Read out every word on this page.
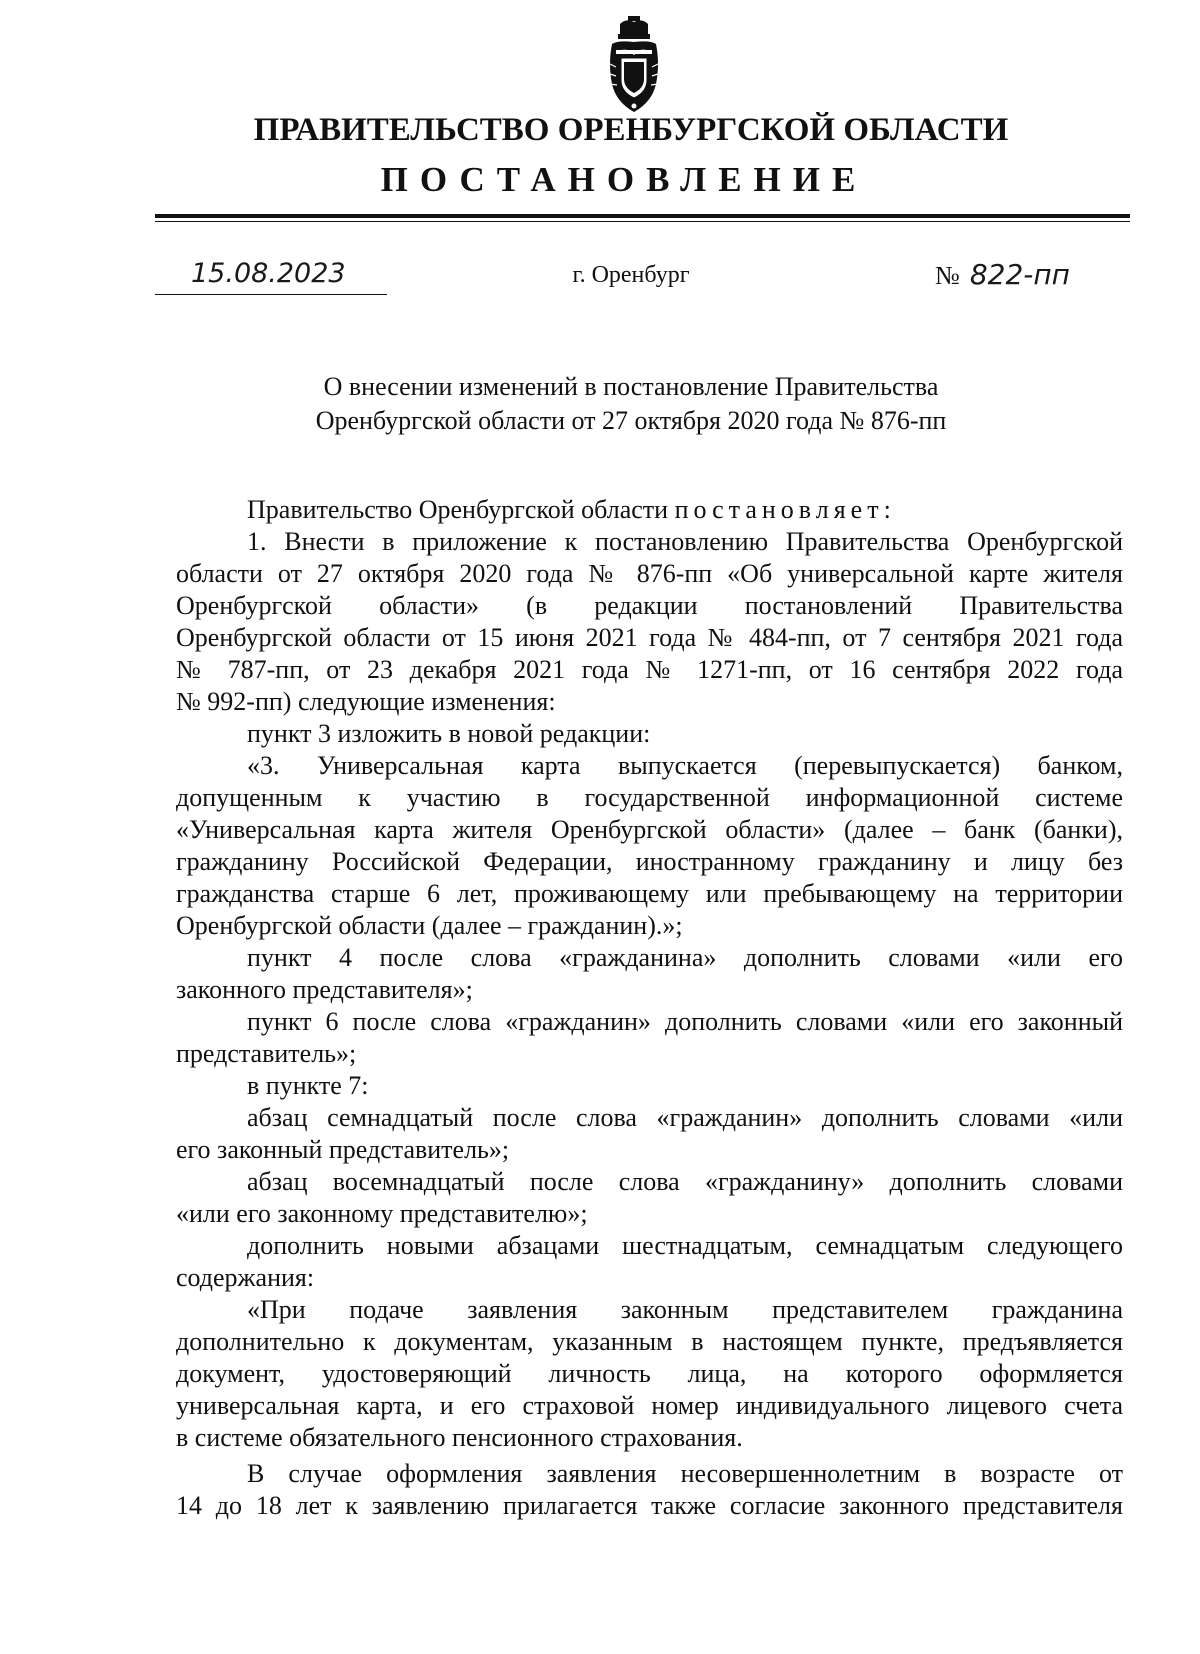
ПРАВИТЕЛЬСТВО ОРЕНБУРГСКОЙ ОБЛАСТИ
ПОСТАНОВЛЕНИЕ
15.08.2023	г. Оренбург	№ 822-пп
О внесении изменений в постановление Правительства
Оренбургской области от 27 октября 2020 года № 876-пп
Правительство Оренбургской области постановляет:
1. Внести в приложение к постановлению Правительства Оренбургской
области от 27 октября 2020 года № 876-пп «Об универсальной карте жителя
Оренбургской области» (в редакции постановлений Правительства
Оренбургской области от 15 июня 2021 года № 484-пп, от 7 сентября 2021 года
№ 787-пп, от 23 декабря 2021 года № 1271-пп, от 16 сентября 2022 года
№ 992-пп) следующие изменения:
пункт 3 изложить в новой редакции:
«3. Универсальная карта выпускается (перевыпускается) банком,
допущенным к участию в государственной информационной системе
«Универсальная карта жителя Оренбургской области» (далее – банк (банки),
гражданину Российской Федерации, иностранному гражданину и лицу без
гражданства старше 6 лет, проживающему или пребывающему на территории
Оренбургской области (далее – гражданин).»;
пункт 4 после слова «гражданина» дополнить словами «или его
законного представителя»;
пункт 6 после слова «гражданин» дополнить словами «или его законный
представитель»;
в пункте 7:
абзац семнадцатый после слова «гражданин» дополнить словами «или
его законный представитель»;
абзац восемнадцатый после слова «гражданину» дополнить словами
«или его законному представителю»;
дополнить новыми абзацами шестнадцатым, семнадцатым следующего
содержания:
«При подаче заявления законным представителем гражданина
дополнительно к документам, указанным в настоящем пункте, предъявляется
документ, удостоверяющий личность лица, на которого оформляется
универсальная карта, и его страховой номер индивидуального лицевого счета
в системе обязательного пенсионного страхования.
В случае оформления заявления несовершеннолетним в возрасте от
14 до 18 лет к заявлению прилагается также согласие законного представителя
